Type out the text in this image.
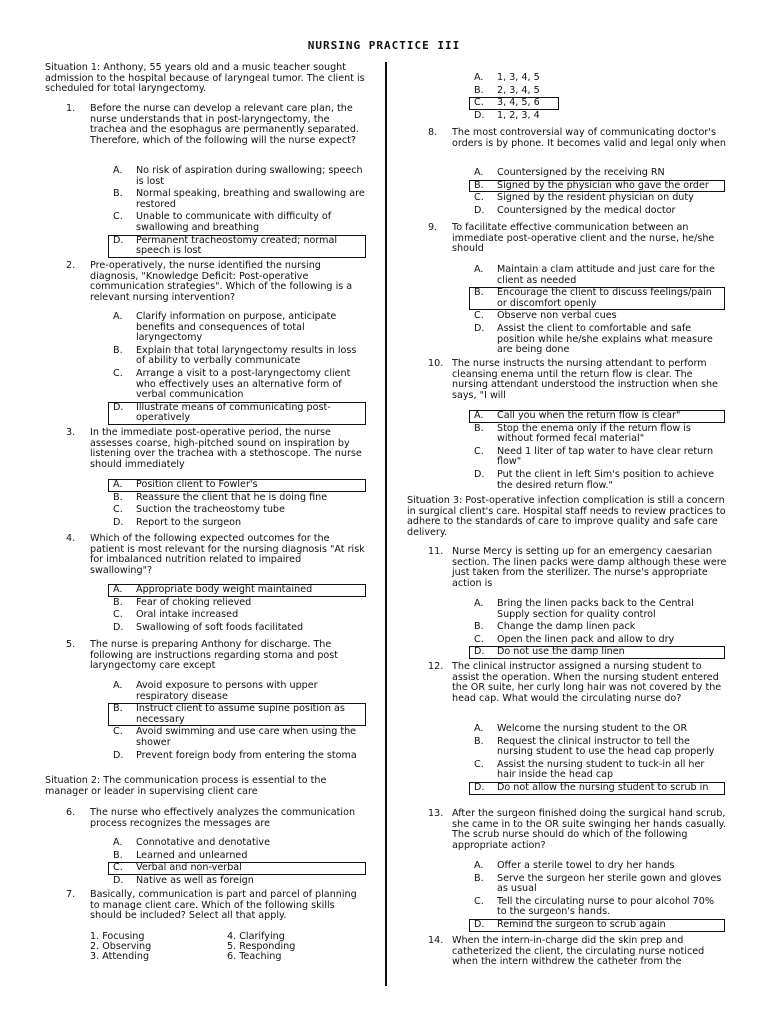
NURSING PRACTICE III
Situation 1: Anthony, 55 years old and a music teacher sought admission to the hospital because of laryngeal tumor. The client is scheduled for total laryngectomy.
1.	Before the nurse can develop a relevant care plan, the nurse understands that in post-laryngectomy, the trachea and the esophagus are permanently separated. Therefore, which of the following will the nurse expect?
A.	No risk of aspiration during swallowing; speech is lost
B.	Normal speaking, breathing and swallowing are restored
C.	Unable to communicate with difficulty of swallowing and breathing
D.	Permanent tracheostomy created; normal speech is lost
2.	Pre-operatively, the nurse identified the nursing diagnosis, "Knowledge Deficit: Post-operative communication strategies". Which of the following is a relevant nursing intervention?
A.	Clarify information on purpose, anticipate benefits and consequences of total laryngectomy
B.	Explain that total laryngectomy results in loss of ability to verbally communicate
C.	Arrange a visit to a post-laryngectomy client who effectively uses an alternative form of verbal communication
D.	Illustrate means of communicating post-operatively
3.	In the immediate post-operative period, the nurse assesses coarse, high-pitched sound on inspiration by listening over the trachea with a stethoscope. The nurse should immediately
A.	Position client to Fowler's
B.	Reassure the client that he is doing fine
C.	Suction the tracheostomy tube
D.	Report to the surgeon
4.	Which of the following expected outcomes for the patient is most relevant for the nursing diagnosis "At risk for imbalanced nutrition related to impaired swallowing"?
A.	Appropriate body weight maintained
B.	Fear of choking relieved
C.	Oral intake increased
D.	Swallowing of soft foods facilitated
5.	The nurse is preparing Anthony for discharge. The following are instructions regarding stoma and post laryngectomy care except
A.	Avoid exposure to persons with upper respiratory disease
B.	Instruct client to assume supine position as necessary
C.	Avoid swimming and use care when using the shower
D.	Prevent foreign body from entering the stoma
Situation 2: The communication process is essential to the manager or leader in supervising client care
6.	The nurse who effectively analyzes the communication process recognizes the messages are
A.	Connotative and denotative
B.	Learned and unlearned
C.	Verbal and non-verbal
D.	Native as well as foreign
7.	Basically, communication is part and parcel of planning to manage client care. Which of the following skills should be included? Select all that apply.
1. Focusing	4. Clarifying
2. Observing	5. Responding
3. Attending	6. Teaching
A.	1, 3, 4, 5
B.	2, 3, 4, 5
C.	3, 4, 5, 6
D.	1, 2, 3, 4
8.	The most controversial way of communicating doctor's orders is by phone. It becomes valid and legal only when
A.	Countersigned by the receiving RN
B.	Signed by the physician who gave the order
C.	Signed by the resident physician on duty
D.	Countersigned by the medical doctor
9.	To facilitate effective communication between an immediate post-operative client and the nurse, he/she should
A.	Maintain a clam attitude and just care for the client as needed
B.	Encourage the client to discuss feelings/pain or discomfort openly
C.	Observe non verbal cues
D.	Assist the client to comfortable and safe position while he/she explains what measure are being done
10. The nurse instructs the nursing attendant to perform cleansing enema until the return flow is clear. The nursing attendant understood the instruction when she says, "I will
A.	Call you when the return flow is clear"
B.	Stop the enema only if the return flow is without formed fecal material"
C.	Need 1 liter of tap water to have clear return flow"
D.	Put the client in left Sim's position to achieve the desired return flow."
Situation 3: Post-operative infection complication is still a concern in surgical client's care. Hospital staff needs to review practices to adhere to the standards of care to improve quality and safe care delivery.
11. Nurse Mercy is setting up for an emergency caesarian section. The linen packs were damp although these were just taken from the sterilizer. The nurse's appropriate action is
A.	Bring the linen packs back to the Central Supply section for quality control
B.	Change the damp linen pack
C.	Open the linen pack and allow to dry
D.	Do not use the damp linen
12. The clinical instructor assigned a nursing student to assist the operation. When the nursing student entered the OR suite, her curly long hair was not covered by the head cap. What would the circulating nurse do?
A.	Welcome the nursing student to the OR
B.	Request the clinical instructor to tell the nursing student to use the head cap properly
C.	Assist the nursing student to tuck-in all her hair inside the head cap
D.	Do not allow the nursing student to scrub in
13. After the surgeon finished doing the surgical hand scrub, she came in to the OR suite swinging her hands casually. The scrub nurse should do which of the following appropriate action?
A.	Offer a sterile towel to dry her hands
B.	Serve the surgeon her sterile gown and gloves as usual
C.	Tell the circulating nurse to pour alcohol 70% to the surgeon's hands.
D.	Remind the surgeon to scrub again
14. When the intern-in-charge did the skin prep and catheterized the client, the circulating nurse noticed when the intern withdrew the catheter from the
